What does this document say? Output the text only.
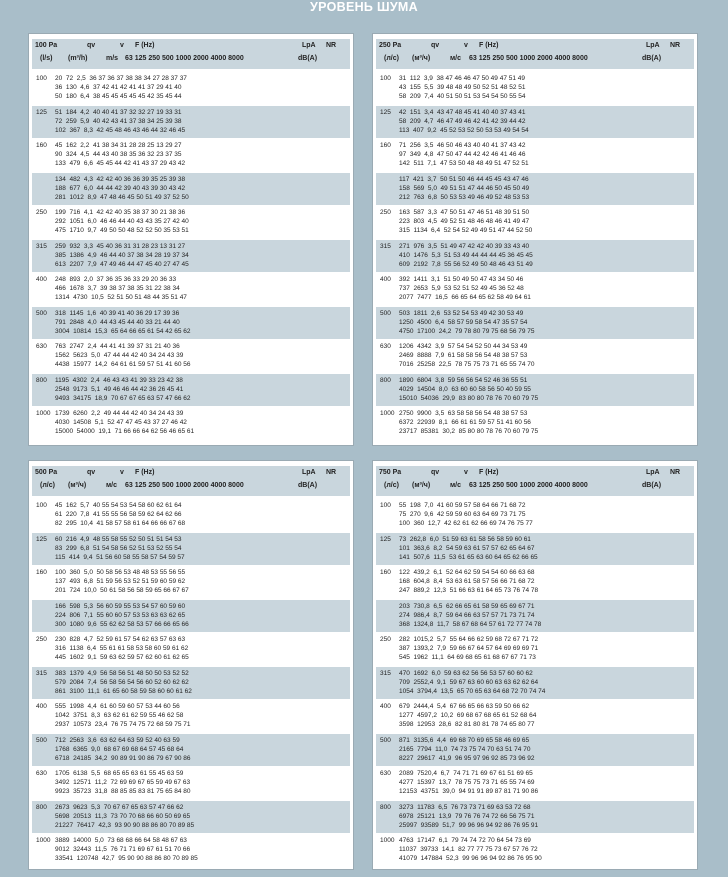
УРОВЕНЬ ШУМА
100 Pa	qv	v F (Hz)	LpA NR
(l/s) (m³/h)	m/s 63 125 250 500 1000 2000 4000 8000	dB(A)
100 20  72  2,5  36 37 36 37 38 38 34 27 28 37 37
36  130  4,6  37 42 41 42 41 41 37 29 41 40
50  180  6,4  38 45 45 45 45 45 42 35 45 44
125 51  184  4,2  40 40 41 37 32 32 27 19 33 31
72  259  5,9  40 42 43 41 37 38 34 25 39 38
102  367  8,3  42 45 48 46 43 46 44 32 46 45
160 45  162  2,2  41 38 34 31 28 28 25 13 29 27
90  324  4,5  44 43 40 38 35 36 32 23 37 35
133  479  6,6  45 45 44 42 41 43 37 29 43 42
134  482  4,3  42 42 40 36 36 39 35 25 39 38
188  677  6,0  44 44 42 39 40 43 39 30 43 42
281  1012  8,9  47 48 46 45 50 51 49 37 52 50
250 199  716  4,1  42 42 40 35 38 37 30 21 38 36
292  1051  6,0  46 46 44 40 43 43 35 27 42 40
475  1710  9,7  49 50 50 48 52 52 50 35 53 51
315 259  932  3,3  45 40 36 31 31 28 23 13 31 27
385  1386  4,9  46 44 40 37 38 34 28 19 37 34
613  2207  7,9  47 49 46 44 47 45 40 27 47 45
400 248  893  2,0  37 36 35 36 33 29 20 36 33
466  1678  3,7  39 38 37 38 35 31 22 38 34
1314  4730  10,5  52 51 50 51 48 44 35 51 47
500 318  1145  1,6  40 39 41 40 36 29 17 39 36
791  2848  4,0  44 43 45 44 40 33 21 44 40
3004  10814  15,3  65 64 66 65 61 54 42 65 62
630 763  2747  2,4  44 41 41 39 37 31 21 40 36
1562  5623  5,0  47 44 44 42 40 34 24 43 39
4438  15977  14,2  64 61 61 59 57 51 41 60 56
800 1195  4302  2,4  46 43 43 41 39 33 23 42 38
2548  9173  5,1  49 46 46 44 42 36 26 45 41
9493  34175  18,9  70 67 67 65 63 57 47 66 62
1000 1739  6260  2,2  49 44 44 42 40 34 24 43 39
4030  14508  5,1  52 47 47 45 43 37 27 46 42
15000  54000  19,1  71 66 66 64 62 56 46 65 61
250 Pa	qv	v F (Hz)	LpA NR
(л/с) (м³/ч)	м/с 63 125 250 500 1000 2000 4000 8000	dB(A)
100 31  112  3,9  38 47 46 46 47 50 49 47 51 49
43  155  5,5  39 48 48 49 50 52 51 48 52 51
58  209  7,4  40 51 50 51 53 54 54 50 55 54
125 42  151  3,4  43 47 48 45 41 40 40 37 43 41
58  209  4,7  46 47 49 46 42 41 42 39 44 42
113  407  9,2  45 52 53 52 50 53 53 49 54 54
160 71  256  3,5  46 50 46 43 40 40 41 37 43 42
97  349  4,8  47 50 47 44 42 42 46 41 46 46
142  511  7,1  47 53 50 48 48 49 51 47 52 51
117  421  3,7  50 51 50 46 44 45 45 43 47 46
158  569  5,0  49 51 51 47 44 46 50 45 50 49
212  763  6,8  50 53 53 49 46 49 52 48 53 53
250 163  587  3,3  47 50 51 47 46 51 48 39 51 50
223  803  4,5  49 52 51 48 46 48 46 41 49 47
315  1134  6,4  52 54 52 49 49 51 47 44 52 50
315 271  976  3,5  51 49 47 42 42 40 39 33 43 40
410  1476  5,3  51 53 49 44 44 44 45 36 45 45
609  2192  7,8  55 56 52 49 50 48 46 43 51 49
400 392  1411  3,1  51 50 49 50 47 43 34 50 46
737  2653  5,9  53 52 51 52 49 45 36 52 48
2077  7477  16,5  66 65 64 65 62 58 49 64 61
500 503  1811  2,6  53 52 54 53 49 42 30 53 49
1250  4500  6,4  58 57 59 58 54 47 35 57 54
4750  17100  24,2  79 78 80 79 75 68 56 79 75
630 1206  4342  3,9  57 54 54 52 50 44 34 53 49
2469  8888  7,9  61 58 58 56 54 48 38 57 53
7016  25258  22,5  78 75 75 73 71 65 55 74 70
800 1890  6804  3,8  59 56 56 54 52 46 36 55 51
4029  14504  8,0  63 60 60 58 56 50 40 59 55
15010  54036  29,9  83 80 80 78 76 70 60 79 75
1000 2750  9900  3,5  63 58 58 56 54 48 38 57 53
6372  22939  8,1  66 61 61 59 57 51 41 60 56
23717  85381  30,2  85 80 80 78 76 70 60 79 75
500 Pa	qv	v F (Hz)	LpA NR
(л/с) (м³/ч)	м/с 63 125 250 500 1000 2000 4000 8000	dB(A)
100 45  162  5,7  40 55 54 53 54 58 60 62 61 64
61  220  7,8  41 55 55 56 58 59 62 64 62 66
82  295  10,4  41 58 57 58 61 64 66 66 67 68
125 60  216  4,9  48 55 58 55 52 50 51 51 54 53
83  299  6,8  51 54 58 56 52 51 53 52 55 54
115  414  9,4  51 56 60 58 55 58 57 54 59 57
160 100  360  5,0  50 58 56 53 48 48 53 55 56 55
137  493  6,8  51 59 56 53 52 51 59 60 59 62
201  724  10,0  50 61 58 56 58 59 65 66 67 67
166  598  5,3  56 60 59 55 53 54 57 60 59 60
224  806  7,1  55 60 60 57 53 53 63 63 62 65
300  1080  9,6  55 62 62 58 53 57 66 66 65 66
250 230  828  4,7  52 59 61 57 54 62 63 57 63 63
316  1138  6,4  55 61 61 58 53 58 60 59 61 62
445  1602  9,1  59 63 62 59 57 62 60 61 62 65
315 383  1379  4,9  56 58 56 51 48 50 50 53 52 52
579  2084  7,4  56 58 56 54 56 60 52 60 62 62
861  3100  11,1  61 65 60 58 59 58 60 60 61 62
400 555  1998  4,4  61 60 59 60 57 53 44 60 56
1042  3751  8,3  63 62 61 62 59 55 46 62 58
2937  10573  23,4  76 75 74 75 72 68 59 75 71
500 712  2563  3,6  63 62 64 63 59 52 40 63 59
1768  6365  9,0  68 67 69 68 64 57 45 68 64
6718  24185  34,2  90 89 91 90 86 79 67 90 86
630 1705  6138  5,5  68 65 65 63 61 55 45 63 59
3492  12571  11,2  72 69 69 67 65 59 49 67 63
9923  35723  31,8  88 85 85 83 81 75 65 84 80
800 2673  9623  5,3  70 67 67 65 63 57 47 66 62
5698  20513  11,3  73 70 70 68 66 60 50 69 65
21227  76417  42,3  93 90 90 88 86 80 70 89 85
1000 3889  14000  5,0  73 68 68 66 64 58 48 67 63
9012  32443  11,5  76 71 71 69 67 61 51 70 66
33541  120748  42,7  95 90 90 88 86 80 70 89 85
750 Pa	qv	v F (Hz)	LpA NR
(л/с) (м³/ч)	м/с 63 125 250 500 1000 2000 4000 8000	dB(A)
100 55  198  7,0  41 60 59 57 58 64 66 71 68 72
75  270  9,6  42 59 59 60 63 64 69 73 71 75
100  360  12,7  42 62 61 62 66 69 74 76 75 77
125 73  262,8  6,0  51 59 63 61 58 56 58 59 60 61
101  363,6  8,2  54 59 63 61 57 57 62 65 64 67
141  507,6  11,5  53 61 65 63 60 64 65 62 66 65
160 122  439,2  6,1  52 64 62 59 54 54 60 66 63 68
168  604,8  8,4  53 63 61 58 57 56 66 71 68 72
247  889,2  12,3  51 66 63 61 64 65 73 76 74 78
203  730,8  6,5  62 66 65 61 58 59 65 69 67 71
274  986,4  8,7  59 64 66 63 57 57 71 73 71 74
368  1324,8  11,7  58 67 68 64 57 61 72 77 74 78
250 282  1015,2  5,7  55 64 66 62 59 68 72 67 71 72
387  1393,2  7,9  59 66 67 64 57 64 69 69 69 71
545  1962  11,1  64 69 68 65 61 68 67 67 71 73
315 470  1692  6,0  59 63 62 56 56 53 57 60 60 62
709  2552,4  9,1  59 67 63 60 60 63 63 62 62 64
1054  3794,4  13,5  65 70 65 63 64 68 72 70 74 74
400 679  2444,4  5,4  67 66 65 66 63 59 50 66 62
1277  4597,2  10,2  69 68 67 68 65 61 52 68 64
3598  12953  28,6  82 81 80 81 78 74 65 80 77
500 871  3135,6  4,4  69 68 70 69 65 58 46 69 65
2165  7794  11,0  74 73 75 74 70 63 51 74 70
8227  29617  41,9  96 95 97 96 92 85 73 96 92
630 2089  7520,4  6,7  74 71 71 69 67 61 51 69 65
4277  15397  13,7  78 75 75 73 71 65 55 74 69
12153  43751  39,0  94 91 91 89 87 81 71 90 86
800 3273  11783  6,5  76 73 73 71 69 63 53 72 68
6978  25121  13,9  79 76 76 74 72 66 56 75 71
25997  93589  51,7  99 96 96 94 92 86 76 95 91
1000 4763  17147  6,1  79 74 74 72 70 64 54 73 69
11037  39733  14,1  82 77 77 75 73 67 57 76 72
41079  147884  52,3  99 96 96 94 92 86 76 95 90
